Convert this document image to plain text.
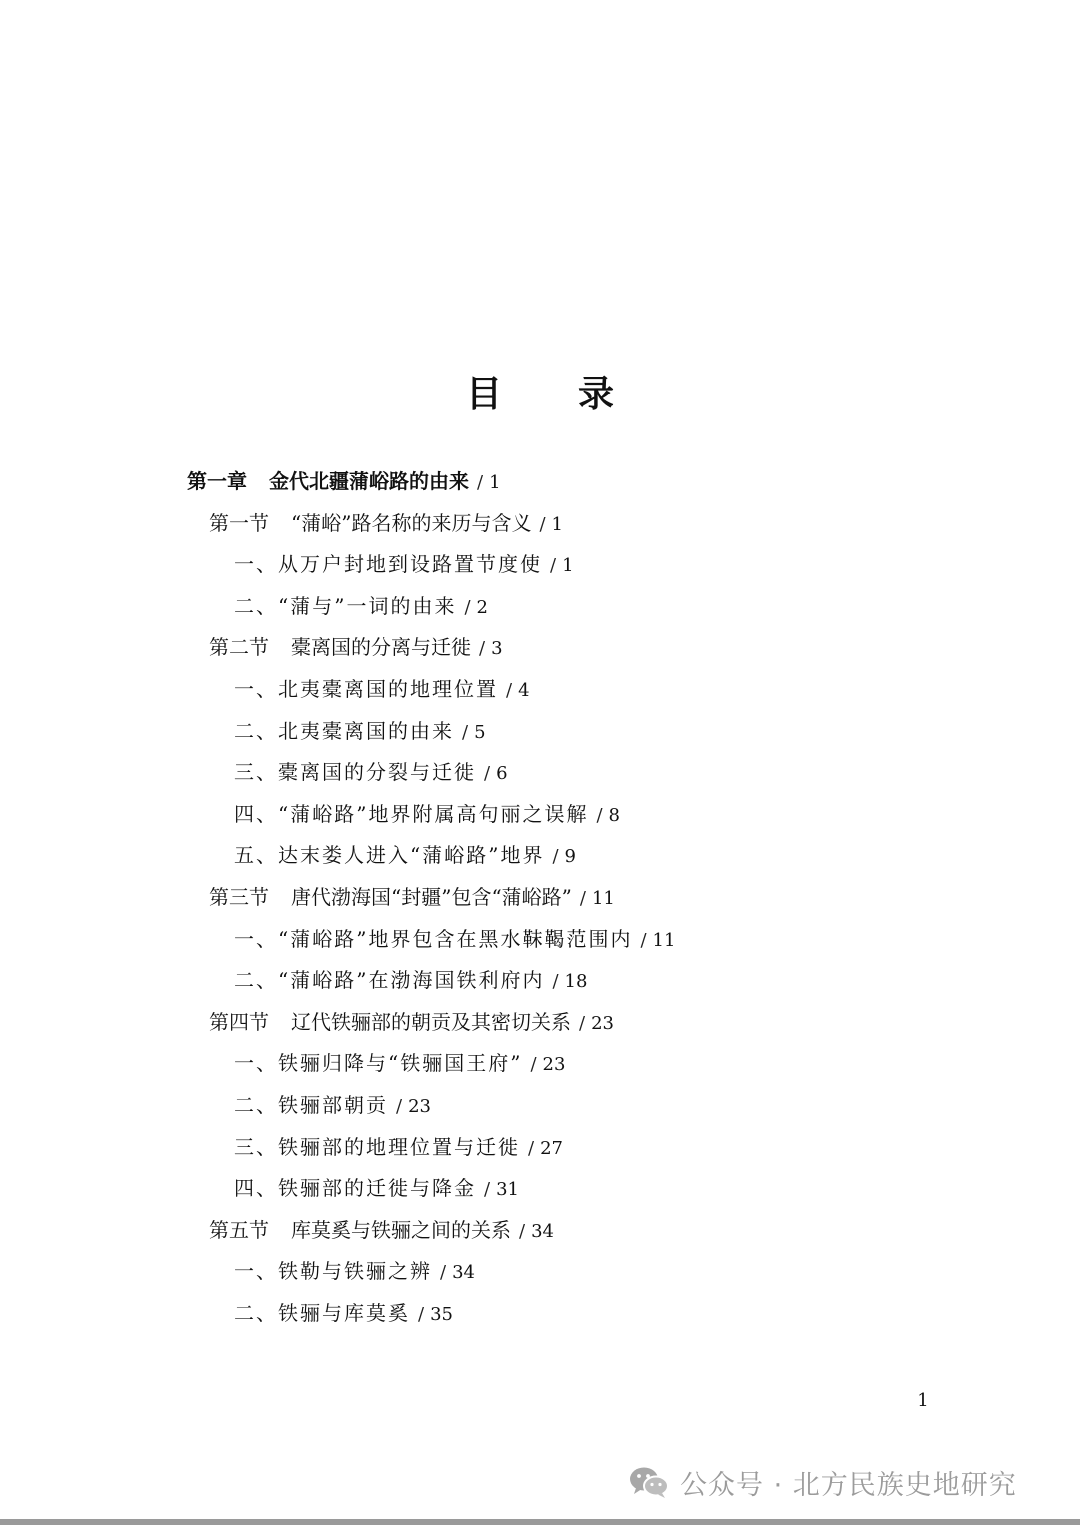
目 录
第一章 金代北疆蒲峪路的由来 / 1
第一节 “蒲峪”路名称的来历与含义 / 1
一、从万户封地到设路置节度使 / 1
二、“蒲与”一词的由来 / 2
第二节 橐离国的分离与迁徙 / 3
一、北夷橐离国的地理位置 / 4
二、北夷橐离国的由来 / 5
三、橐离国的分裂与迁徙 / 6
四、“蒲峪路”地界附属高句丽之误解 / 8
五、达末娄人进入“蒲峪路”地界 / 9
第三节 唐代渤海国“封疆”包含“蒲峪路” / 11
一、“蒲峪路”地界包含在黑水靺鞨范围内 / 11
二、“蒲峪路”在渤海国铁利府内 / 18
第四节 辽代铁骊部的朝贡及其密切关系 / 23
一、铁骊归降与“铁骊国王府” / 23
二、铁骊部朝贡 / 23
三、铁骊部的地理位置与迁徙 / 27
四、铁骊部的迁徙与降金 / 31
第五节 库莫奚与铁骊之间的关系 / 34
一、铁勒与铁骊之辨 / 34
二、铁骊与库莫奚 / 35
1
公众号 · 北方民族史地研究
